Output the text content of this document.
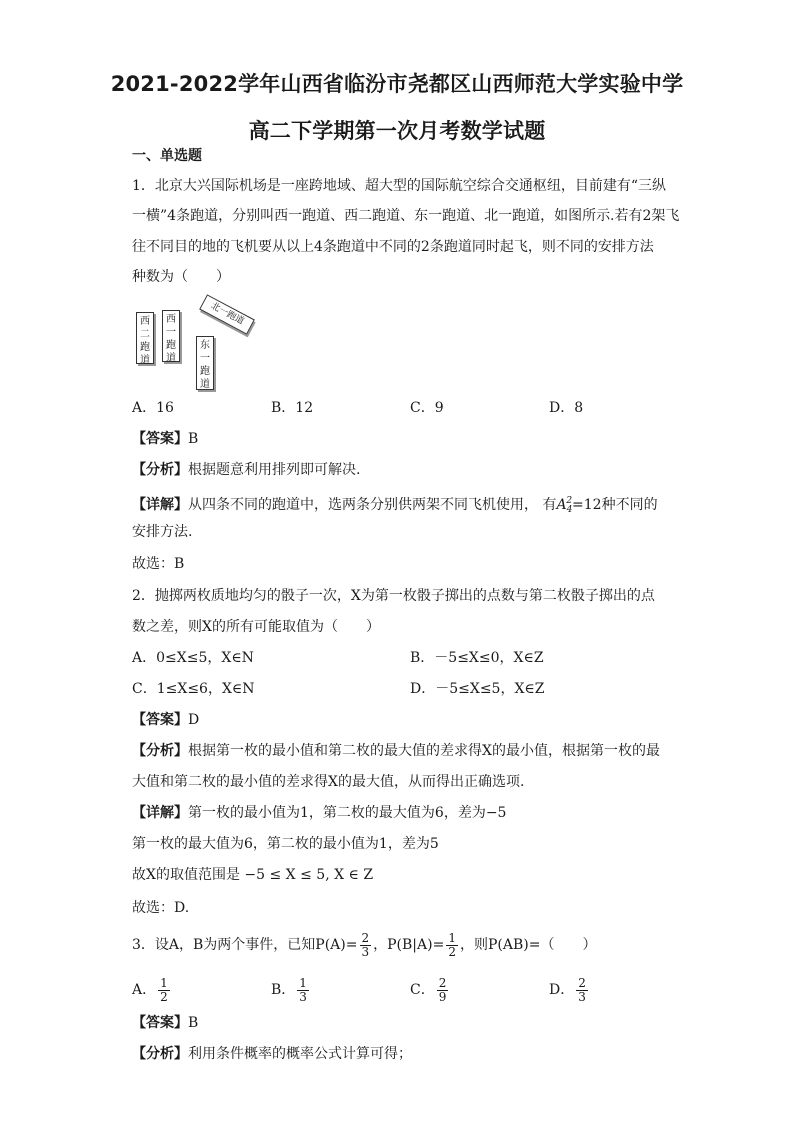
2021-2022学年山西省临汾市尧都区山西师范大学实验中学
高二下学期第一次月考数学试题
一、单选题
1．北京大兴国际机场是一座跨地域、超大型的国际航空综合交通枢纽，目前建有“三纵
一横”4条跑道，分别叫西一跑道、西二跑道、东一跑道、北一跑道，如图所示.若有2架飞
往不同目的地的飞机要从以上4条跑道中不同的2条跑道同时起飞，则不同的安排方法
种数为（　　）
西
二
跑
道
西
一
跑
道
北一跑道
东
一
跑
道
A．16	B．12	C．9	D．8
【答案】B
【分析】根据题意利用排列即可解决.
【详解】从四条不同的跑道中，选两条分别供两架不同飞机使用， 有$A_4^2=12$种不同的
安排方法.
故选：B
2．抛掷两枚质地均匀的骰子一次，X为第一枚骰子掷出的点数与第二枚骰子掷出的点
数之差，则X的所有可能取值为（　　）
A．0≤X≤5，X∈N	B．－5≤X≤0，X∈Z
C．1≤X≤6，X∈N	D．－5≤X≤5，X∈Z
【答案】D
【分析】根据第一枚的最小值和第二枚的最大值的差求得X的最小值，根据第一枚的最
大值和第二枚的最小值的差求得X的最大值，从而得出正确选项.
【详解】第一枚的最小值为1，第二枚的最大值为6，差为−5
第一枚的最大值为6，第二枚的最小值为1，差为5
故X的取值范围是 −5 ≤ X ≤ 5, X ∈ Z
故选：D.
3．设A，B为两个事件，已知$P(A)= \frac{2}{3}$ ，$P(B|A)= \frac{1}{2}$ ，则P(AB)=（　　）
A． $\frac{1}{2}$	B． $\frac{1}{3}$	C． $\frac{2}{9}$	D． $\frac{2}{3}$
【答案】B
【分析】利用条件概率的概率公式计算可得；
